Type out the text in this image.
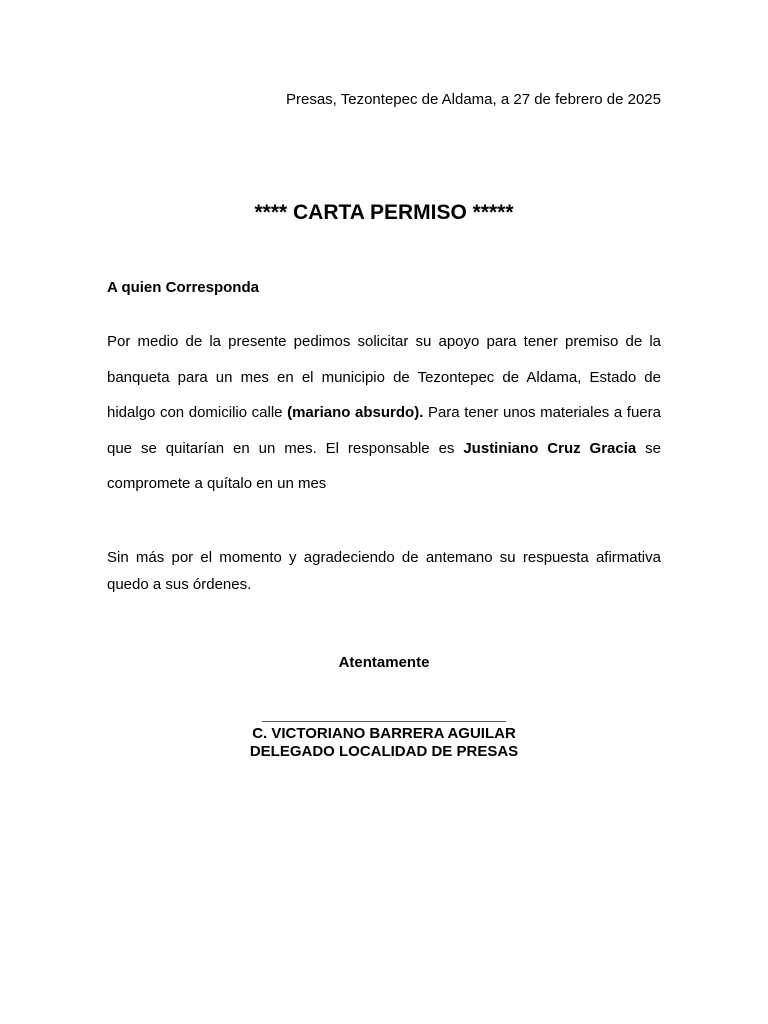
Presas, Tezontepec de Aldama, a 27 de febrero de 2025
**** CARTA PERMISO *****
A quien Corresponda

Por medio de la presente pedimos solicitar su apoyo para tener premiso de la banqueta para un mes en el municipio de Tezontepec de Aldama, Estado de hidalgo con domicilio calle (mariano absurdo). Para tener unos materiales a fuera que se quitarían en un mes. El responsable es Justiniano Cruz Gracia se compromete a quítalo en un mes

Sin más por el momento y agradeciendo de antemano su respuesta afirmativa quedo a sus órdenes.

Atentamente
C. VICTORIANO BARRERA AGUILAR
DELEGADO LOCALIDAD DE PRESAS
